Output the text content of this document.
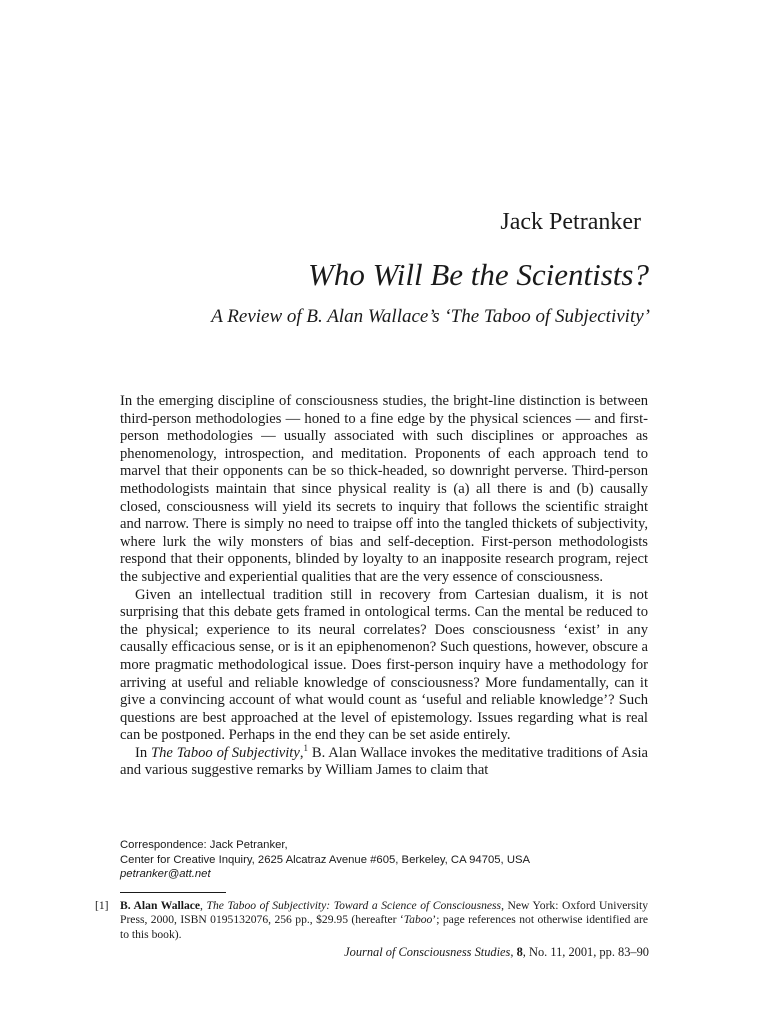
Jack Petranker
Who Will Be the Scientists?
A Review of B. Alan Wallace’s ‘The Taboo of Subjectivity’

In the emerging discipline of consciousness studies, the bright-line distinction is between third-person methodologies — honed to a fine edge by the physical sciences — and first-person methodologies — usually associated with such disciplines or approaches as phenomenology, introspection, and meditation. Proponents of each approach tend to marvel that their opponents can be so thick-headed, so downright perverse. Third-person methodologists maintain that since physical reality is (a) all there is and (b) causally closed, consciousness will yield its secrets to inquiry that follows the scientific straight and narrow. There is simply no need to traipse off into the tangled thickets of subjectivity, where lurk the wily monsters of bias and self-deception. First-person methodologists respond that their opponents, blinded by loyalty to an inapposite research program, reject the subjective and experiential qualities that are the very essence of consciousness.

Given an intellectual tradition still in recovery from Cartesian dualism, it is not surprising that this debate gets framed in ontological terms. Can the mental be reduced to the physical; experience to its neural correlates? Does consciousness ‘exist’ in any causally efficacious sense, or is it an epiphenomenon? Such questions, however, obscure a more pragmatic methodological issue. Does first-person inquiry have a methodology for arriving at useful and reliable knowledge of consciousness? More fundamentally, can it give a convincing account of what would count as ‘useful and reliable knowledge’? Such questions are best approached at the level of epistemology. Issues regarding what is real can be postponed. Perhaps in the end they can be set aside entirely.

In The Taboo of Subjectivity,$^1$ B. Alan Wallace invokes the meditative traditions of Asia and various suggestive remarks by William James to claim that

Correspondence: Jack Petranker,
Center for Creative Inquiry, 2625 Alcatraz Avenue #605, Berkeley, CA 94705, USA
petranker@att.net
[1] B. Alan Wallace, The Taboo of Subjectivity: Toward a Science of Consciousness, New York: Oxford University Press, 2000, ISBN 0195132076, 256 pp., $29.95 (hereafter ‘Taboo’; page references not otherwise identified are to this book).
Journal of Consciousness Studies, 8, No. 11, 2001, pp. 83–90
